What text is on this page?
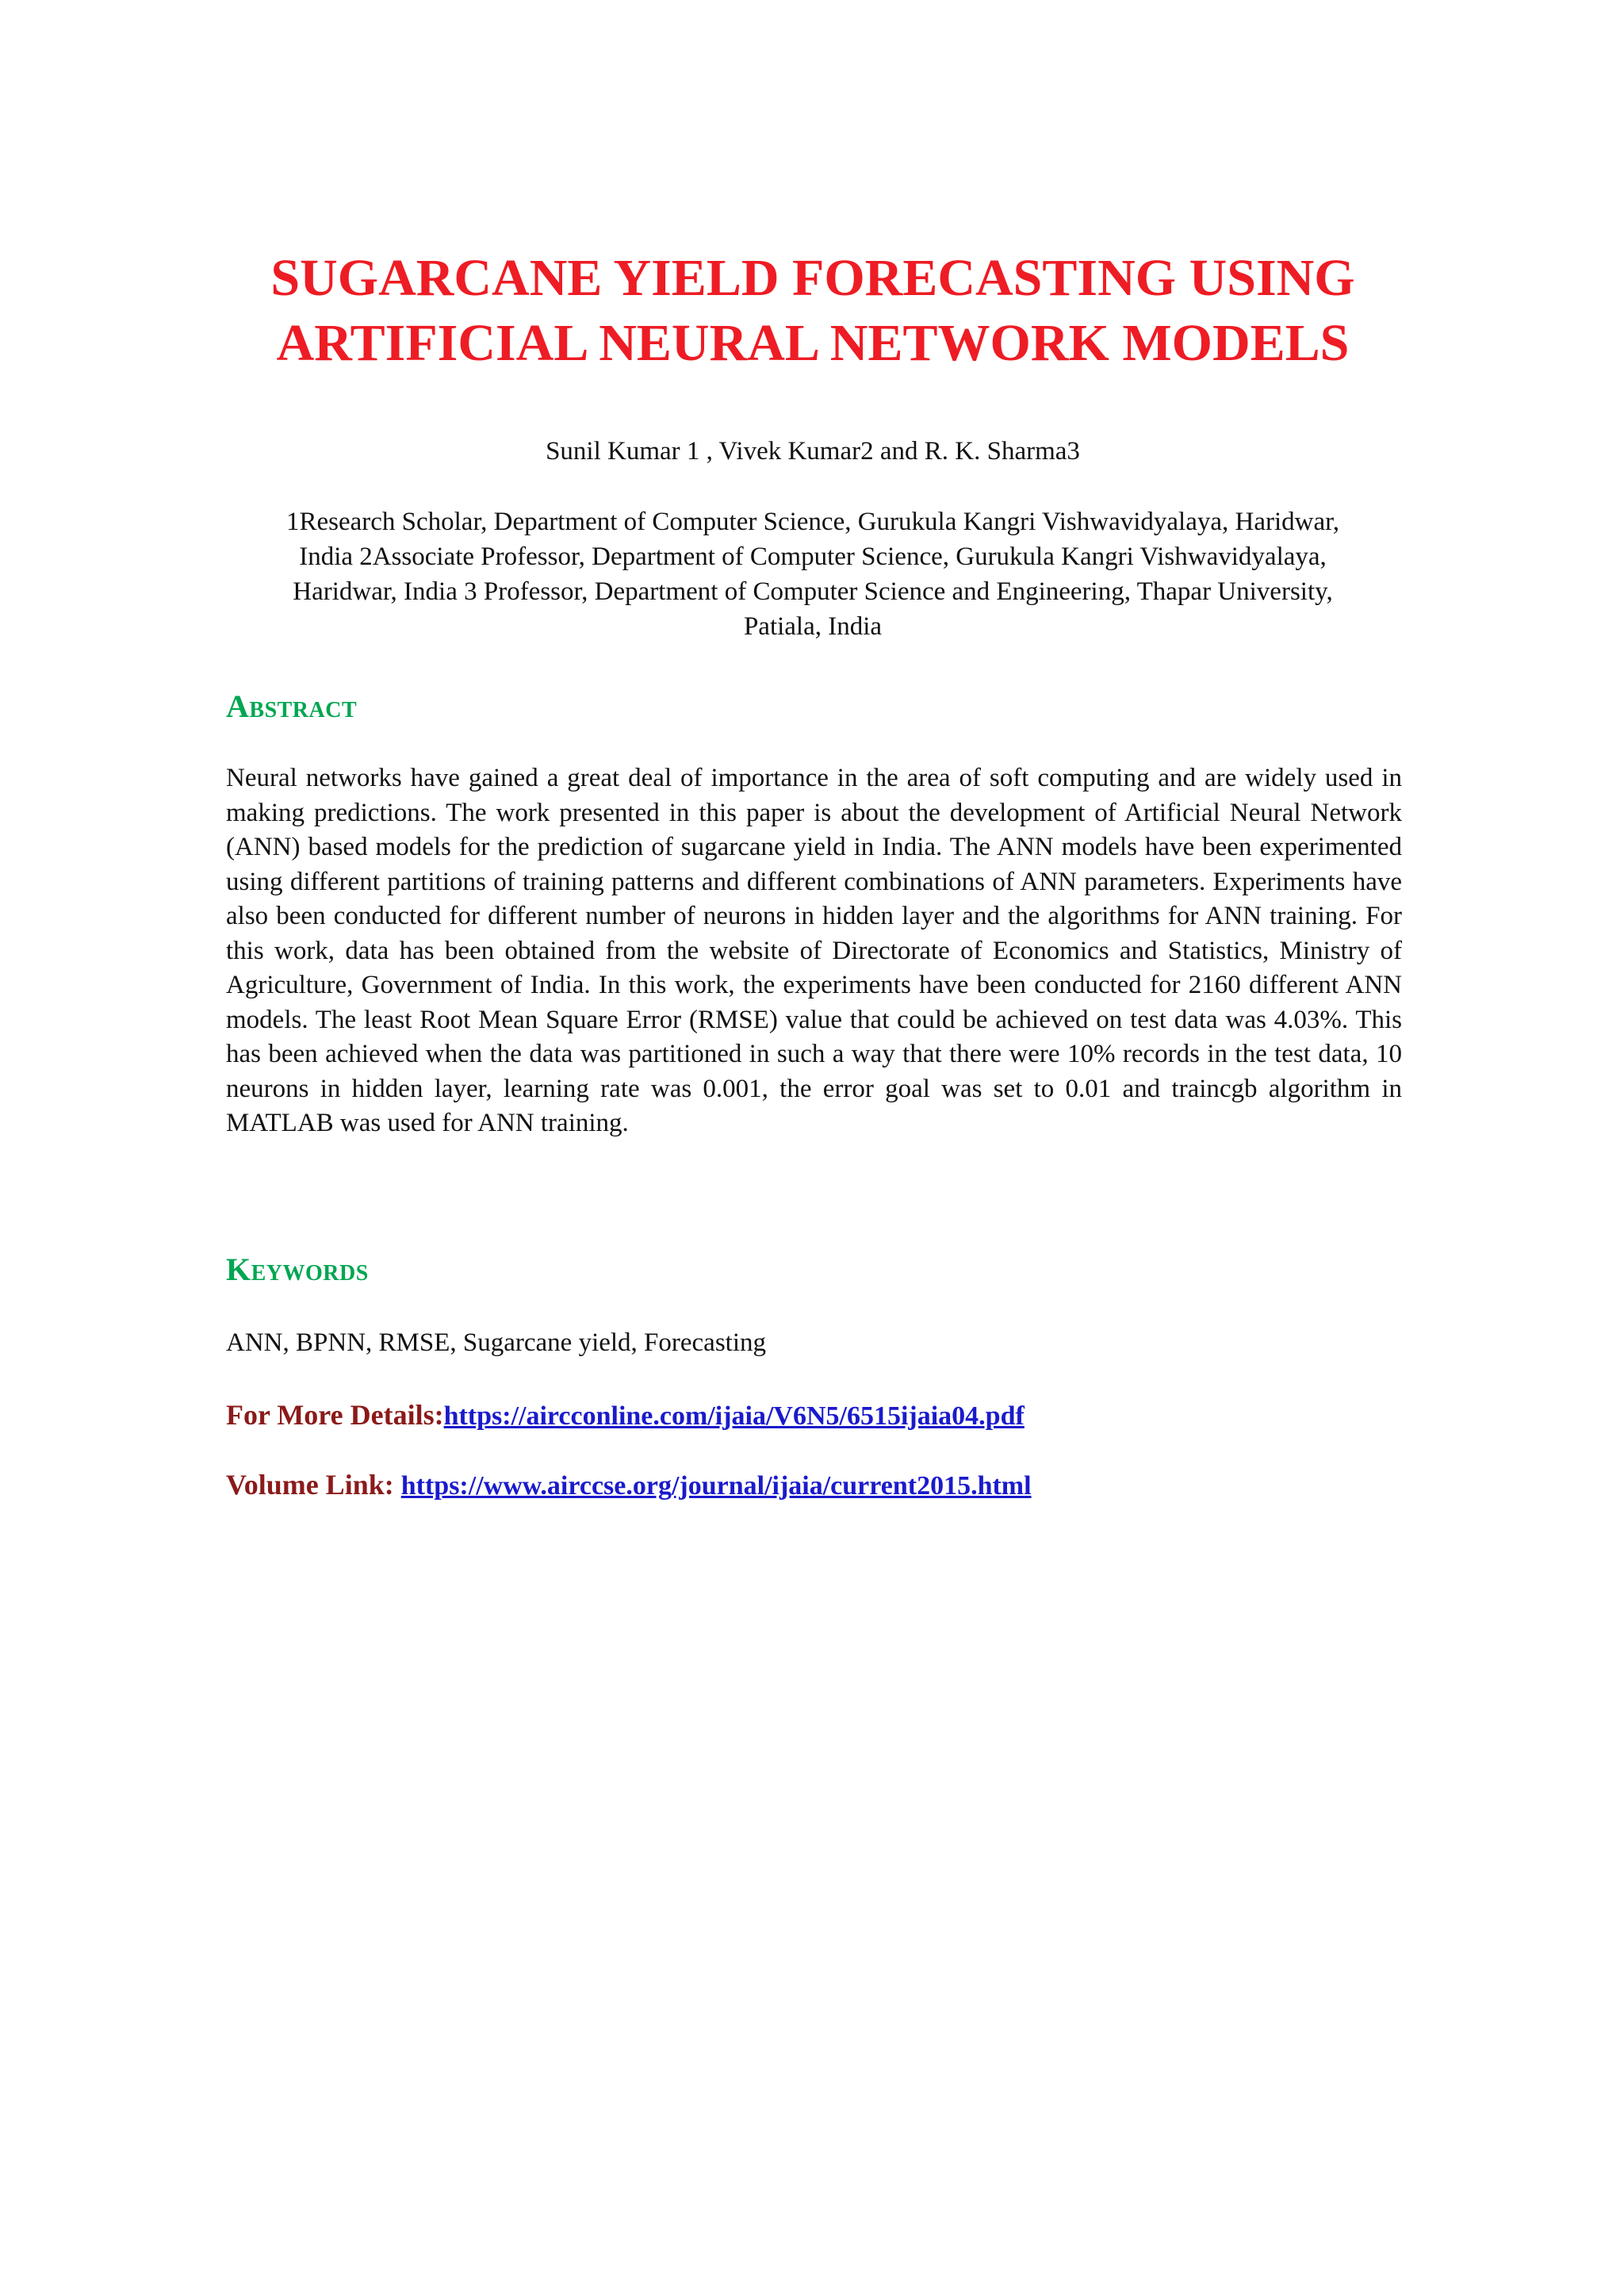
SUGARCANE YIELD FORECASTING USING
ARTIFICIAL NEURAL NETWORK MODELS
Sunil Kumar 1 , Vivek Kumar2 and R. K. Sharma3
1Research Scholar, Department of Computer Science, Gurukula Kangri Vishwavidyalaya, Haridwar, India 2Associate Professor, Department of Computer Science, Gurukula Kangri Vishwavidyalaya, Haridwar, India 3 Professor, Department of Computer Science and Engineering, Thapar University, Patiala, India
Abstract

Neural networks have gained a great deal of importance in the area of soft computing and are widely used in making predictions. The work presented in this paper is about the development of Artificial Neural Network (ANN) based models for the prediction of sugarcane yield in India. The ANN models have been experimented using different partitions of training patterns and different combinations of ANN parameters. Experiments have also been conducted for different number of neurons in hidden layer and the algorithms for ANN training. For this work, data has been obtained from the website of Directorate of Economics and Statistics, Ministry of Agriculture, Government of India. In this work, the experiments have been conducted for 2160 different ANN models. The least Root Mean Square Error (RMSE) value that could be achieved on test data was 4.03%. This has been achieved when the data was partitioned in such a way that there were 10% records in the test data, 10 neurons in hidden layer, learning rate was 0.001, the error goal was set to 0.01 and traincgb algorithm in MATLAB was used for ANN training.

Keywords
ANN, BPNN, RMSE, Sugarcane yield, Forecasting
For More Details:https://aircconline.com/ijaia/V6N5/6515ijaia04.pdf
Volume Link: https://www.airccse.org/journal/ijaia/current2015.html
